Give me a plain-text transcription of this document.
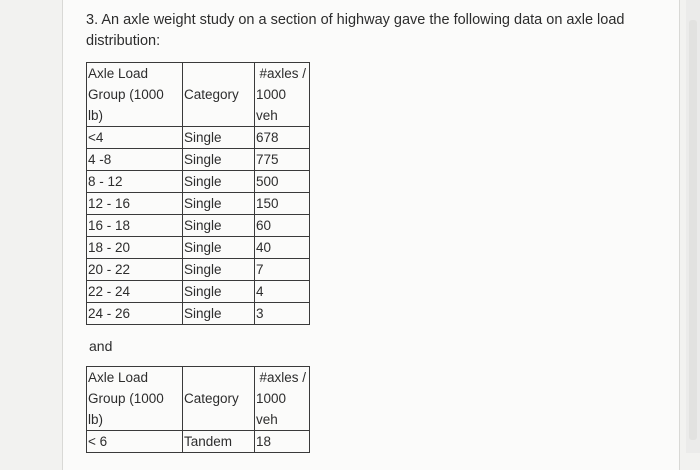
3. An axle weight study on a section of highway gave the following data on axle load distribution:
Axle Load
Group (1000
lb)	Category	#axles /
1000
veh

<4	Single	678
4 -8	Single	775
8 - 12	Single	500
12 - 16	Single	150
16 - 18	Single	60
18 - 20	Single	40
20 - 22	Single	7
22 - 24	Single	4
24 - 26	Single	3
and
Axle Load
Group (1000
lb)	Category	#axles /
1000
veh

< 6	Tandem	18
